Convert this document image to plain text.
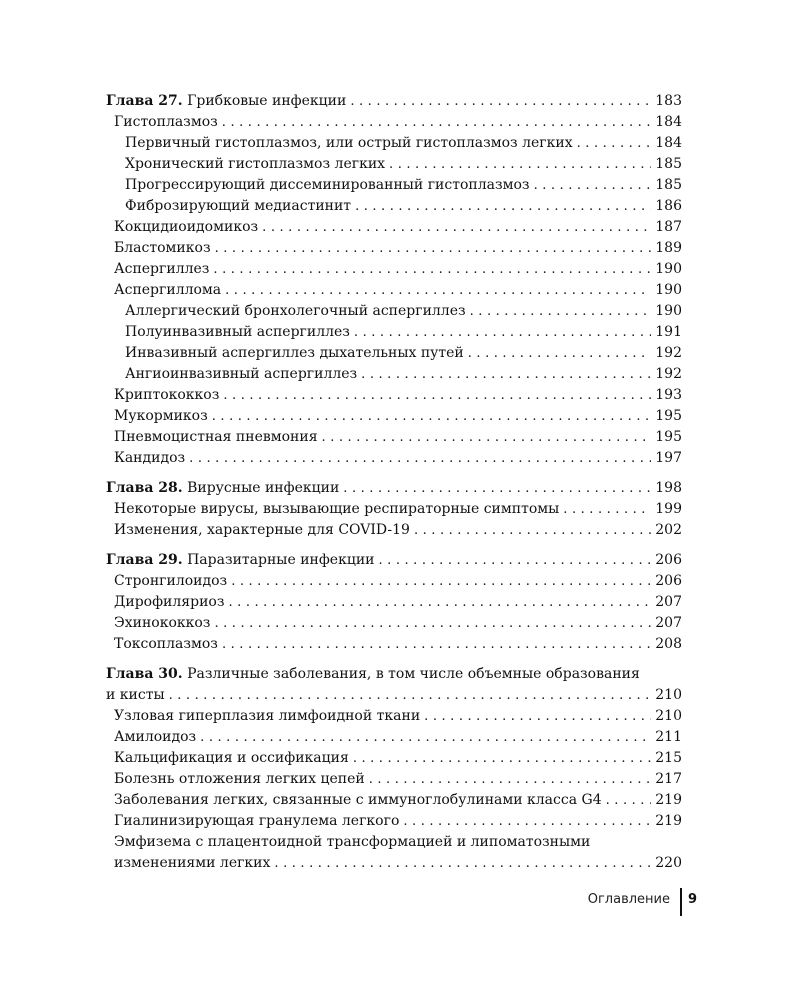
Глава 27. Грибковые инфекции . . .	183
Гистоплазмоз . . .	184
Первичный гистоплазмоз, или острый гистоплазмоз легких . . .	184
Хронический гистоплазмоз легких . . .	185
Прогрессирующий диссеминированный гистоплазмоз . . .	185
Фиброзирующий медиастинит . . .	186
Кокцидиоидомикоз . . .	187
Бластомикоз . . .	189
Аспергиллез . . .	190
Аспергиллома . . .	190
Аллергический бронхолегочный аспергиллез . . .	190
Полуинвазивный аспергиллез . . .	191
Инвазивный аспергиллез дыхательных путей . . .	192
Ангиоинвазивный аспергиллез . . .	192
Криптококкоз . . .	193
Мукормикоз . . .	195
Пневмоцистная пневмония . . .	195
Кандидоз . . .	197
Глава 28. Вирусные инфекции . . .	198
Некоторые вирусы, вызывающие респираторные симптомы . . .	199
Изменения, характерные для COVID-19 . . .	202
Глава 29. Паразитарные инфекции . . .	206
Стронгилоидоз . . .	206
Дирофиляриоз . . .	207
Эхинококкоз . . .	207
Токсоплазмоз . . .	208
Глава 30. Различные заболевания, в том числе объемные образования
и кисты . . .	210
Узловая гиперплазия лимфоидной ткани . . .	210
Амилоидоз . . .	211
Кальцификация и оссификация . . .	215
Болезнь отложения легких цепей . . .	217
Заболевания легких, связанные с иммуноглобулинами класса G4 . . .	219
Гиалинизирующая гранулема легкого . . .	219
Эмфизема с плацентоидной трансформацией и липоматозными
изменениями легких . . .	220
Оглавление 9
